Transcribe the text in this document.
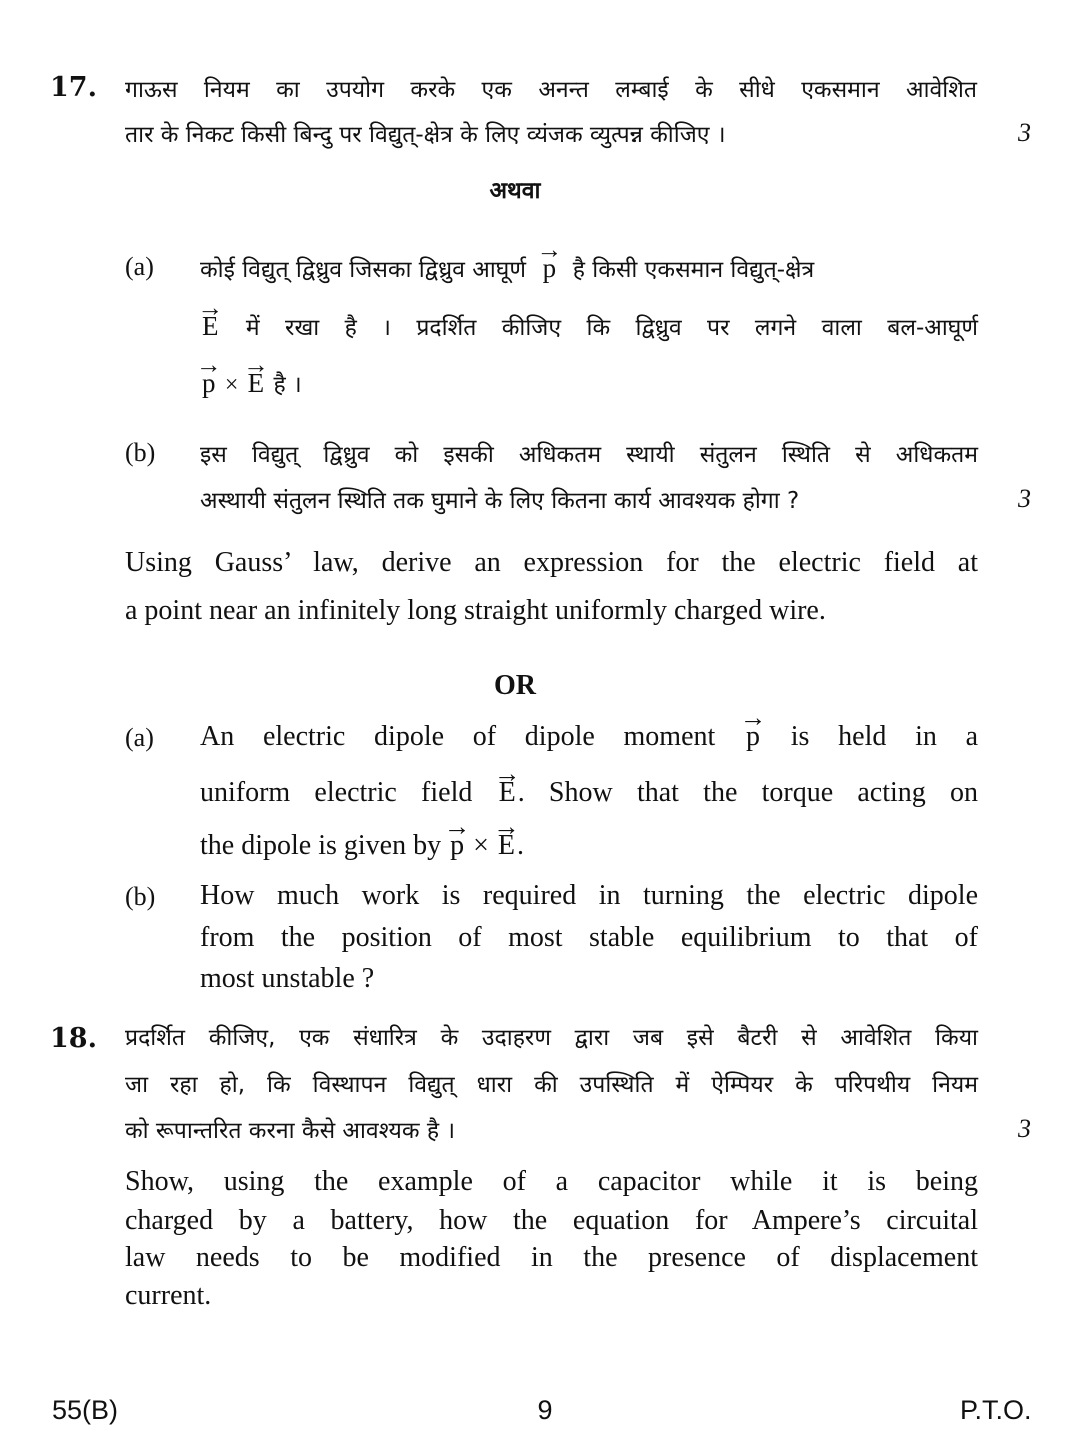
17. गाऊस नियम का उपयोग करके एक अनन्त लम्बाई के सीधे एकसमान आवेशित
तार के निकट किसी बिन्दु पर विद्युत्-क्षेत्र के लिए व्यंजक व्युत्पन्न कीजिए ।	3
अथवा
(a) कोई विद्युत् द्विध्रुव जिसका द्विध्रुव आघूर्ण → p है किसी एकसमान विद्युत्-क्षेत्र
→ E में रखा है । प्रदर्शित कीजिए कि द्विध्रुव पर लगने वाला बल-आघूर्ण
→ p × → E है ।
(b) इस विद्युत् द्विध्रुव को इसकी अधिकतम स्थायी संतुलन स्थिति से अधिकतम
अस्थायी संतुलन स्थिति तक घुमाने के लिए कितना कार्य आवश्यक होगा ?	3
Using Gauss’ law, derive an expression for the electric field at
a point near an infinitely long straight uniformly charged wire.
OR
(a) An electric dipole of dipole moment → p is held in a
uniform electric field → E. Show that the torque acting on
the dipole is given by → p × → E.
(b) How much work is required in turning the electric dipole
from the position of most stable equilibrium to that of
most unstable ?
18. प्रदर्शित कीजिए, एक संधारित्र के उदाहरण द्वारा जब इसे बैटरी से आवेशित किया
जा रहा हो, कि विस्थापन विद्युत् धारा की उपस्थिति में ऐम्पियर के परिपथीय नियम
को रूपान्तरित करना कैसे आवश्यक है ।	3
Show, using the example of a capacitor while it is being
charged by a battery, how the equation for Ampere’s circuital
law needs to be modified in the presence of displacement
current.
55(B)	9	P.T.O.
